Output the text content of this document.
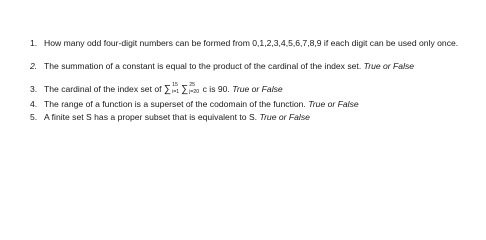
1. How many odd four-digit numbers can be formed from 0,1,2,3,4,5,6,7,8,9 if each digit can be used only once.
2. The summation of a constant is equal to the product of the cardinal of the index set. True or False
3. The cardinal of the index set of ∑ 15
i=1 ∑ 25
j=20 c is 90. True or False
4. The range of a function is a superset of the codomain of the function. True or False
5. A finite set S has a proper subset that is equivalent to S. True or False
